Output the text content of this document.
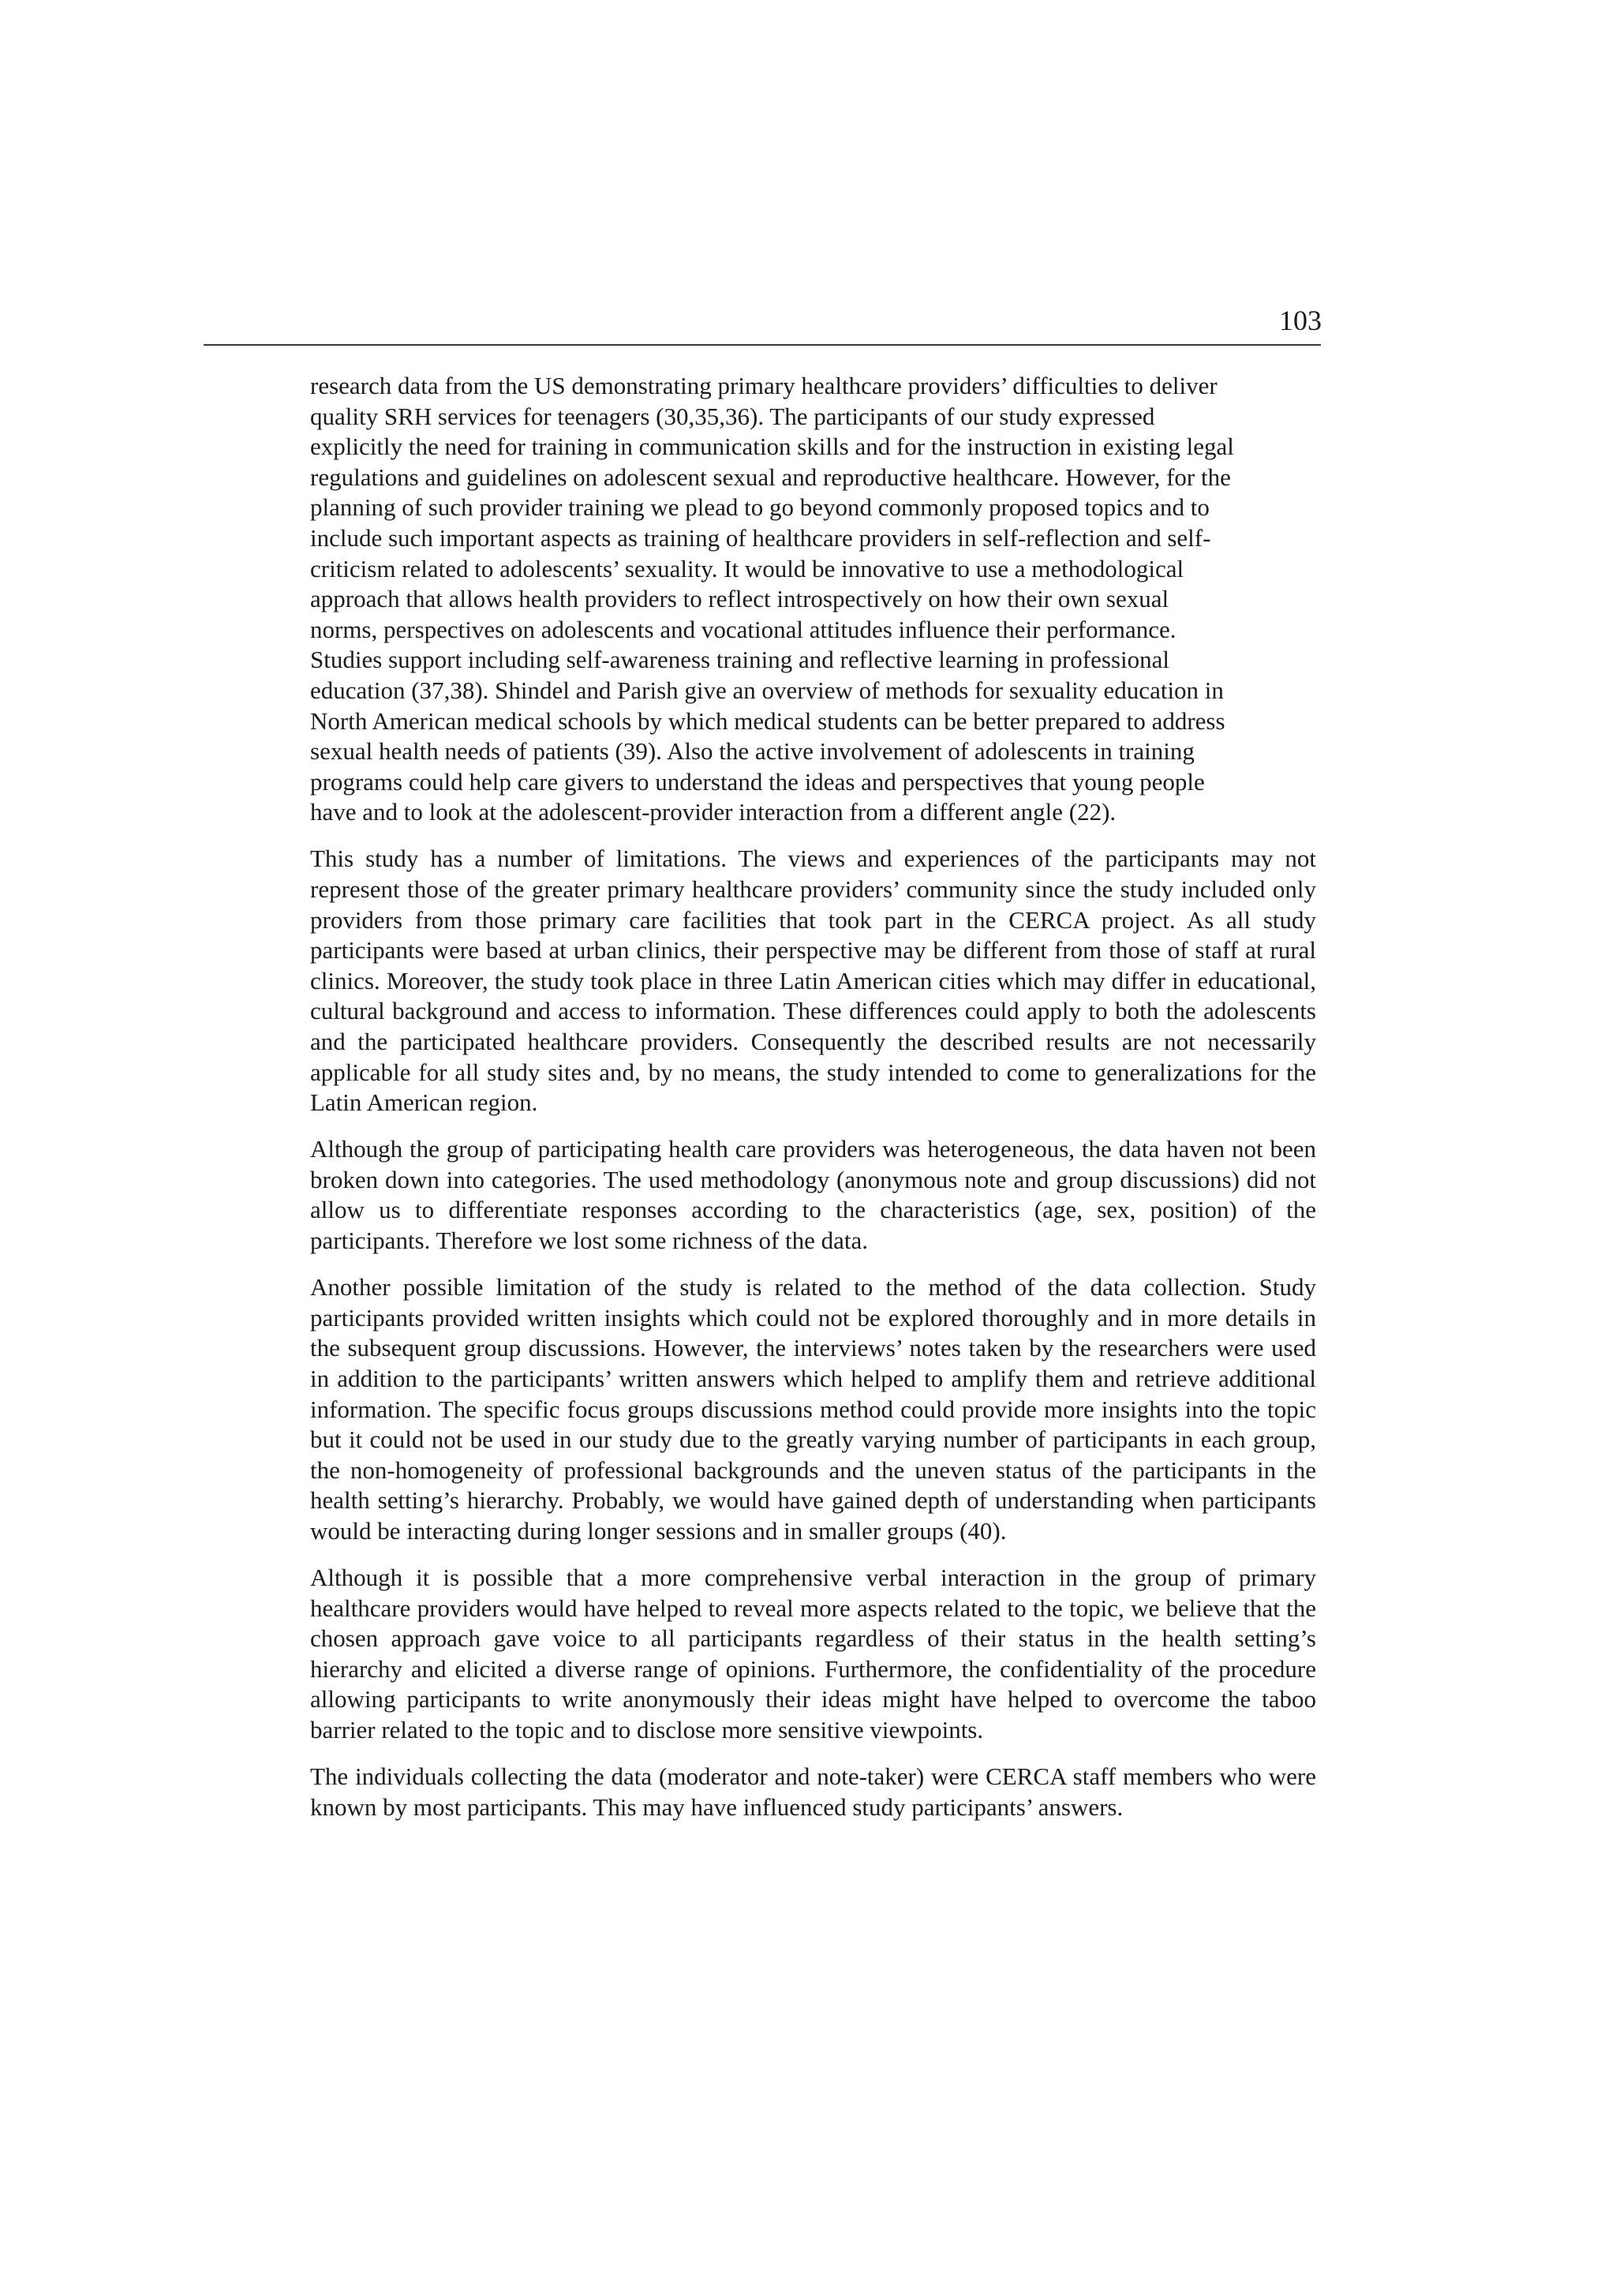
103

research data from the US demonstrating primary healthcare providers’ difficulties to deliver
quality SRH services for teenagers (30,35,36). The participants of our study expressed
explicitly the need for training in communication skills and for the instruction in existing legal
regulations and guidelines on adolescent sexual and reproductive healthcare. However, for the
planning of such provider training we plead to go beyond commonly proposed topics and to
include such important aspects as training of healthcare providers in self-reflection and self-
criticism related to adolescents’ sexuality. It would be innovative to use a methodological
approach that allows health providers to reflect introspectively on how their own sexual
norms, perspectives on adolescents and vocational attitudes influence their performance.
Studies support including self-awareness training and reflective learning in professional
education (37,38). Shindel and Parish give an overview of methods for sexuality education in
North American medical schools by which medical students can be better prepared to address
sexual health needs of patients (39). Also the active involvement of adolescents in training
programs could help care givers to understand the ideas and perspectives that young people
have and to look at the adolescent-provider interaction from a different angle (22).

This study has a number of limitations. The views and experiences of the participants may not represent those of the greater primary healthcare providers’ community since the study included only providers from those primary care facilities that took part in the CERCA project. As all study participants were based at urban clinics, their perspective may be different from those of staff at rural clinics. Moreover, the study took place in three Latin American cities which may differ in educational, cultural background and access to information. These differences could apply to both the adolescents and the participated healthcare providers. Consequently the described results are not necessarily applicable for all study sites and, by no means, the study intended to come to generalizations for the Latin American region.

Although the group of participating health care providers was heterogeneous, the data haven not been broken down into categories. The used methodology (anonymous note and group discussions) did not allow us to differentiate responses according to the characteristics (age, sex, position) of the participants. Therefore we lost some richness of the data.

Another possible limitation of the study is related to the method of the data collection. Study participants provided written insights which could not be explored thoroughly and in more details in the subsequent group discussions. However, the interviews’ notes taken by the researchers were used in addition to the participants’ written answers which helped to amplify them and retrieve additional information. The specific focus groups discussions method could provide more insights into the topic but it could not be used in our study due to the greatly varying number of participants in each group, the non-homogeneity of professional backgrounds and the uneven status of the participants in the health setting’s hierarchy. Probably, we would have gained depth of understanding when participants would be interacting during longer sessions and in smaller groups (40).

Although it is possible that a more comprehensive verbal interaction in the group of primary healthcare providers would have helped to reveal more aspects related to the topic, we believe that the chosen approach gave voice to all participants regardless of their status in the health setting’s hierarchy and elicited a diverse range of opinions. Furthermore, the confidentiality of the procedure allowing participants to write anonymously their ideas might have helped to overcome the taboo barrier related to the topic and to disclose more sensitive viewpoints.

The individuals collecting the data (moderator and note-taker) were CERCA staff members who were known by most participants. This may have influenced study participants’ answers.
